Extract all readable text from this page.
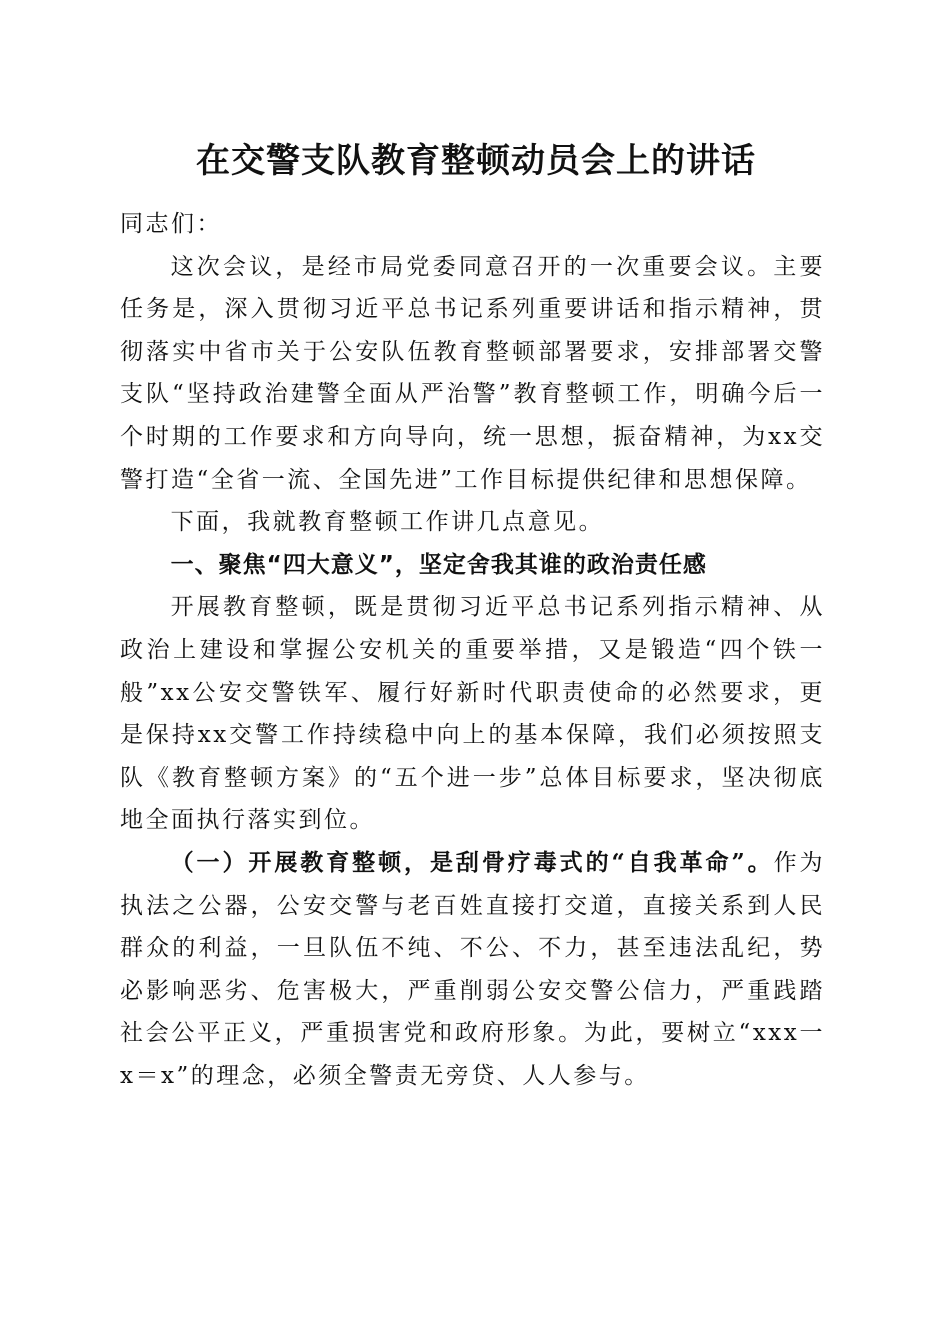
在交警支队教育整顿动员会上的讲话

同志们：

这次会议，是经市局党委同意召开的一次重要会议。主要任务是，深入贯彻习近平总书记系列重要讲话和指示精神，贯彻落实中省市关于公安队伍教育整顿部署要求，安排部署交警支队“坚持政治建警全面从严治警”教育整顿工作，明确今后一个时期的工作要求和方向导向，统一思想，振奋精神，为xx交警打造“全省一流、全国先进”工作目标提供纪律和思想保障。

下面，我就教育整顿工作讲几点意见。

一、聚焦“四大意义”，坚定舍我其谁的政治责任感

开展教育整顿，既是贯彻习近平总书记系列指示精神、从政治上建设和掌握公安机关的重要举措，又是锻造“四个铁一般”xx公安交警铁军、履行好新时代职责使命的必然要求，更是保持xx交警工作持续稳中向上的基本保障，我们必须按照支队《教育整顿方案》的“五个进一步”总体目标要求，坚决彻底地全面执行落实到位。

（一）开展教育整顿，是刮骨疗毒式的“自我革命”。作为执法之公器，公安交警与老百姓直接打交道，直接关系到人民群众的利益，一旦队伍不纯、不公、不力，甚至违法乱纪，势必影响恶劣、危害极大，严重削弱公安交警公信力，严重践踏社会公平正义，严重损害党和政府形象。为此，要树立“xxx一x＝x”的理念，必须全警责无旁贷、人人参与。
